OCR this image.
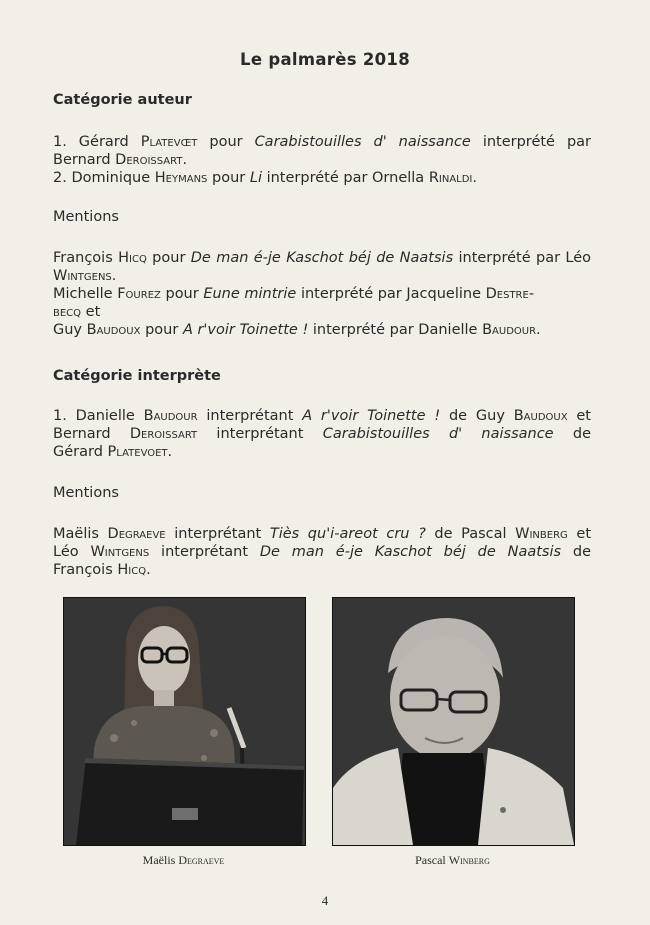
Le palmarès 2018
Catégorie auteur
1. Gérard Platevœt pour Carabistouilles d' naissance interprété par Bernard Deroissart.
2. Dominique Heymans pour Li interprété par Ornella Rinaldi.
Mentions
François Hicq pour De man é-je Kaschot béj de Naatsis interprété par Léo Wintgens.
Michelle Fourez pour Eune mintrie interprété par Jacqueline Destre-
becq et
Guy Baudoux pour A r'voir Toinette ! interprété par Danielle Baudour.
Catégorie interprète
1. Danielle Baudour interprétant A r'voir Toinette ! de Guy Baudoux et
Bernard Deroissart interprétant Carabistouilles d' naissance de
Gérard Platevoet.
Mentions
Maëlis Degraeve interprétant Tiès qu'i-areot cru ? de Pascal Winberg et
Léo Wintgens interprétant De man é-je Kaschot béj de Naatsis de
François Hicq.
Maëlis Degraeve	Pascal Winberg
4
